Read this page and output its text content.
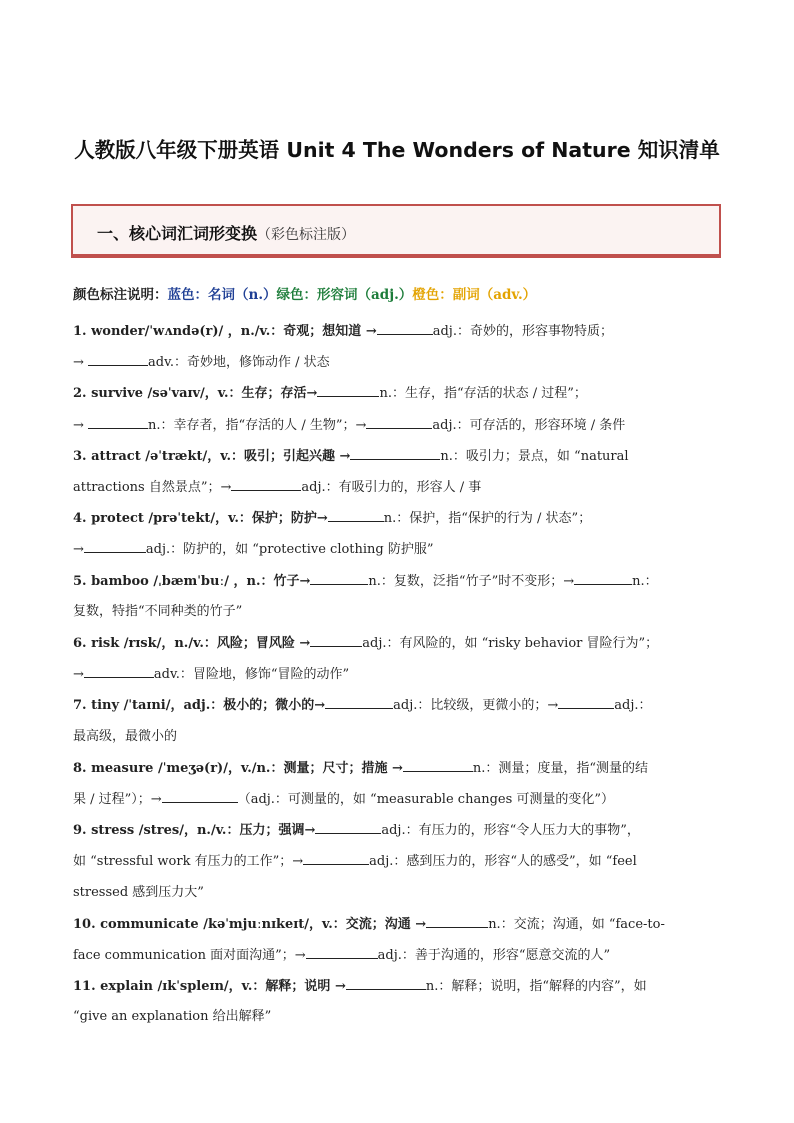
人教版八年级下册英语 Unit 4 The Wonders of Nature 知识清单
一、核心词汇词形变换（彩色标注版）
颜色标注说明：蓝色：名词（n.）绿色：形容词（adj.）橙色：副词（adv.）
1. wonder/ˈwʌndə(r)/ ，n./v.：奇观；想知道 →	adj.：奇妙的，形容事物特质；
→	adv.：奇妙地，修饰动作 / 状态
2. survive /səˈvaɪv/，v.：生存；存活→	n.：生存，指“存活的状态 / 过程”；
→	n.：幸存者，指“存活的人 / 生物”；→	adj.：可存活的，形容环境 / 条件
3. attract /əˈtrækt/，v.：吸引；引起兴趣 →	n.：吸引力；景点，如 “natural
attractions 自然景点”；→	adj.：有吸引力的，形容人 / 事
4. protect /prəˈtekt/，v.：保护；防护→	n.：保护，指“保护的行为 / 状态”；
→	adj.：防护的，如 “protective clothing 防护服”
5. bamboo /ˌbæmˈbuː/ ，n.：竹子→	n.：复数，泛指“竹子”时不变形；→	n.：
复数，特指“不同种类的竹子”
6. risk /rɪsk/，n./v.：风险；冒风险 →	adj.：有风险的，如 “risky behavior 冒险行为”；
→	adv.：冒险地，修饰“冒险的动作”
7. tiny /ˈtaɪni/，adj.：极小的；微小的→	adj.：比较级，更微小的；→	adj.：
最高级，最微小的
8. measure /ˈmeʒə(r)/，v./n.：测量；尺寸；措施 →	n.：测量；度量，指“测量的结
果 / 过程”）；→	（adj.：可测量的，如 “measurable changes 可测量的变化”）
9. stress /stres/，n./v.：压力；强调→	adj.：有压力的，形容“令人压力大的事物”，
如 “stressful work 有压力的工作”；→	adj.：感到压力的，形容“人的感受”，如 “feel
stressed 感到压力大”
10. communicate /kəˈmjuːnɪkeɪt/，v.：交流；沟通 →	n.：交流；沟通，如 “face-to-
face communication 面对面沟通”；→	adj.：善于沟通的，形容“愿意交流的人”
11. explain /ɪkˈspleɪn/，v.：解释；说明 →	n.：解释；说明，指“解释的内容”，如
“give an explanation 给出解释”
